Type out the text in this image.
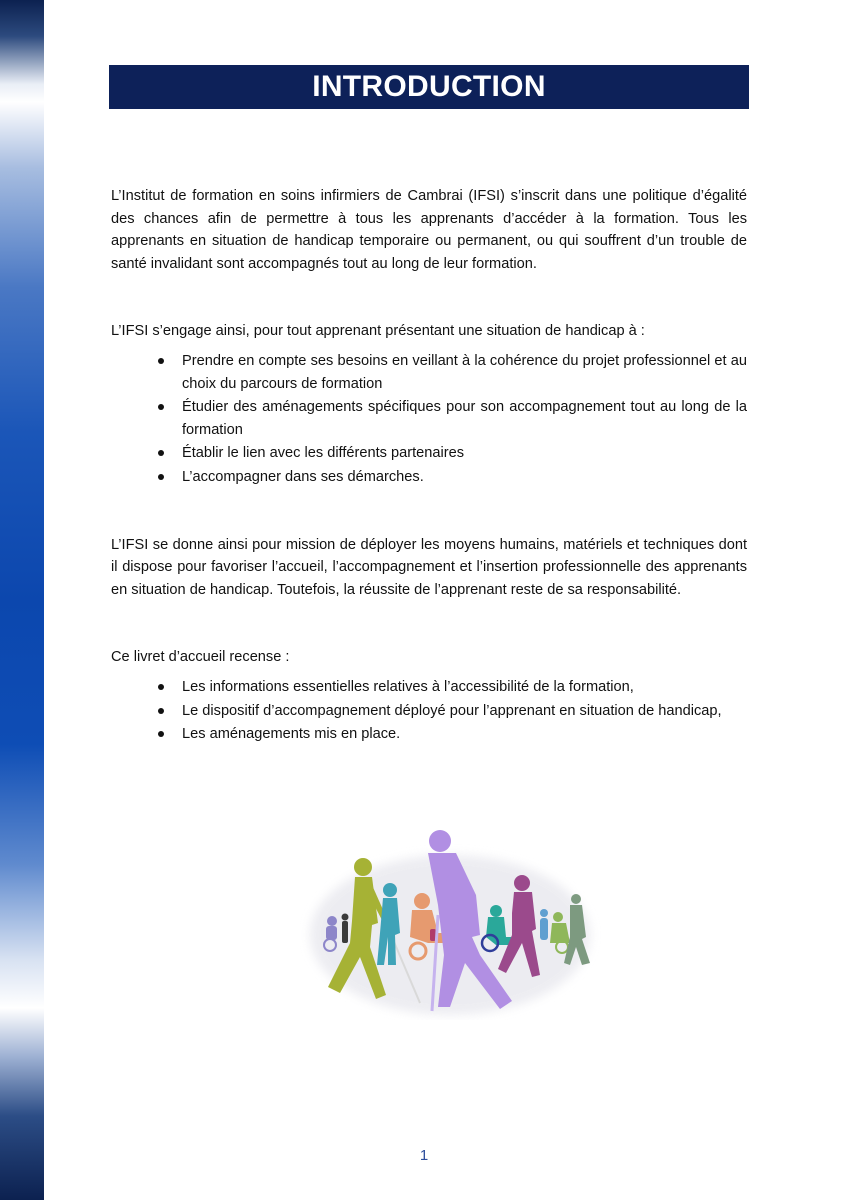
INTRODUCTION

L’Institut de formation en soins infirmiers de Cambrai (IFSI) s’inscrit dans une politique d’égalité des chances afin de permettre à tous les apprenants d’accéder à la formation. Tous les apprenants en situation de handicap temporaire ou permanent, ou qui souffrent d’un trouble de santé invalidant sont accompagnés tout au long de leur formation.

L’IFSI s’engage ainsi, pour tout apprenant présentant une situation de handicap à :

Prendre en compte ses besoins en veillant à la cohérence du projet professionnel et au choix du parcours de formation
Étudier des aménagements spécifiques pour son accompagnement tout au long de la formation
Établir le lien avec les différents partenaires
L’accompagner dans ses démarches.

L’IFSI se donne ainsi pour mission de déployer les moyens humains, matériels et techniques dont il dispose pour favoriser l’accueil, l’accompagnement et l’insertion professionnelle des apprenants en situation de handicap. Toutefois, la réussite de l’apprenant reste de sa responsabilité.

Ce livret d’accueil recense :

Les informations essentielles relatives à l’accessibilité de la formation,
Le dispositif d’accompagnement déployé pour l’apprenant en situation de handicap,
Les aménagements mis en place.
1
